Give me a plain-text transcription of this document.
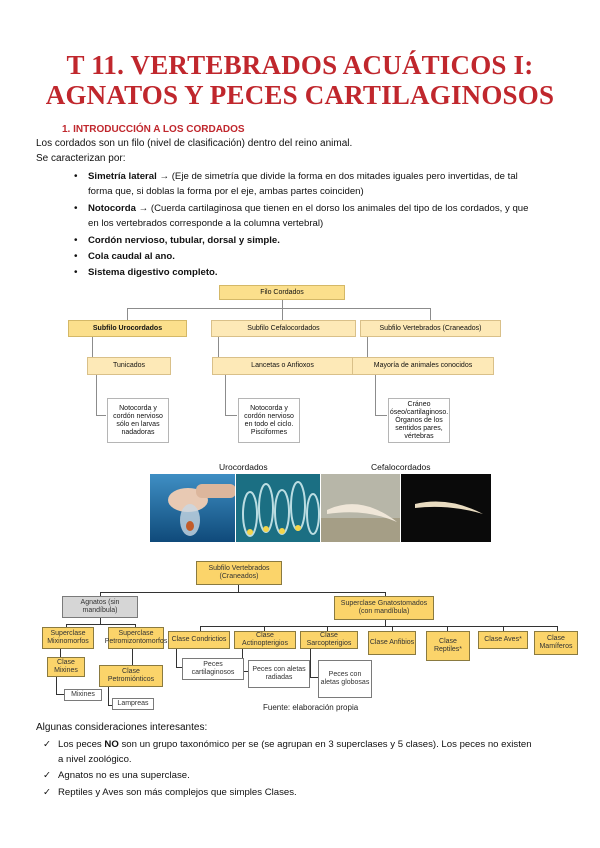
T 11. VERTEBRADOS ACUÁTICOS I:
AGNATOS Y PECES CARTILAGINOSOS
1. INTRODUCCIÓN A LOS CORDADOS
Los cordados son un filo (nivel de clasificación) dentro del reino animal.
Se caracterizan por:
• Simetría lateral → (Eje de simetría que divide la forma en dos mitades iguales pero invertidas, de tal
forma que, si doblas la forma por el eje, ambas partes coinciden)
• Notocorda → (Cuerda cartilaginosa que tienen en el dorso los animales del tipo de los cordados, y que
en los vertebrados corresponde a la columna vertebral)
• Cordón nervioso, tubular, dorsal y simple.
• Cola caudal al ano.
• Sistema digestivo completo.
Filo Cordados
Subfilo Urocordados	Subfilo Cefalocordados	Subfilo Vertebrados (Craneados)
Tunicados	Lancetas o Anfioxos	Mayoría de animales conocidos
Notocorda y cordón nervioso sólo en larvas nadadoras
Notocorda y cordón nervioso en todo el ciclo. Pisciformes
Cráneo óseo/cartilaginoso. Órganos de los sentidos pares, vértebras
Urocordados	Cefalocordados
Subfilo Vertebrados (Craneados)
Agnatos (sin mandíbula)
Superclase Gnatostomados (con mandíbula)
Superclase Mixinomorfos
Superclase Petromizontomorfos
Clase Mixines	Clase Petromiónticos
Mixines
Lampreas
Clase Condrictios
Clase Actinopterigios
Clase Sarcopterigios	Clase Anfibios	Clase Reptiles*
Clase Aves*	Clase Mamíferos
Peces cartilaginosos	Peces con aletas radiadas	Peces con aletas globosas
Fuente: elaboración propia
Algunas consideraciones interesantes:
✓ Los peces NO son un grupo taxonómico per se (se agrupan en 3 superclases y 5 clases). Los peces no existen
a nivel zoológico.
✓ Agnatos no es una superclase.
✓ Reptiles y Aves son más complejos que simples Clases.
